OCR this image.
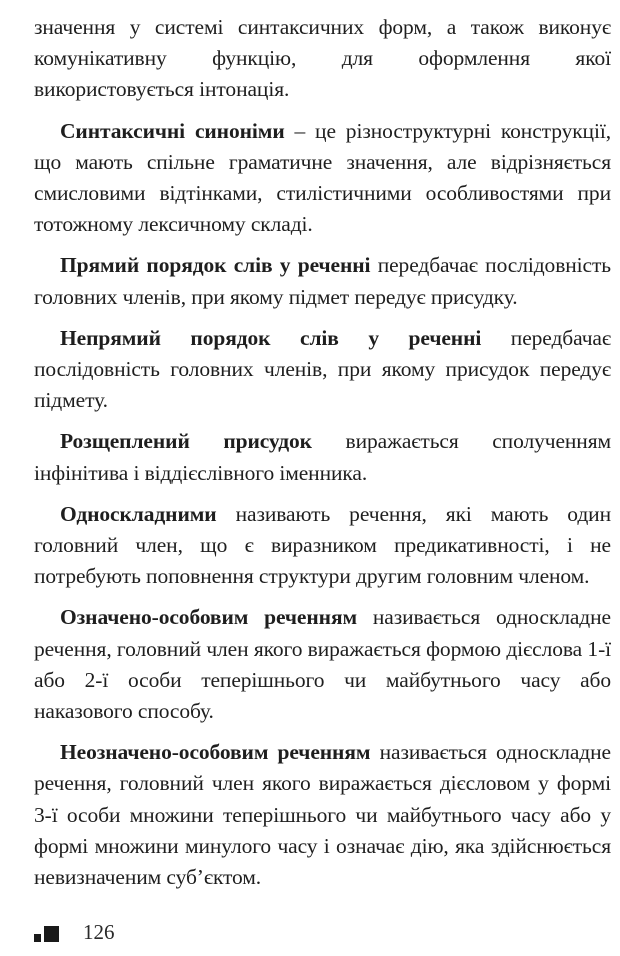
значення у системі синтаксичних форм, а також виконує комунікативну функцію, для оформлення якої використовується інтонація.

Синтаксичні синоніми – це різноструктурні конструкції, що мають спільне граматичне значення, але відрізняється смисловими відтінками, стилістичними особливостями при тотожному лексичному складі.

Прямий порядок слів у реченні передбачає послідовність головних членів, при якому підмет передує присудку.

Непрямий порядок слів у реченні передбачає послідовність головних членів, при якому присудок передує підмету.

Розщеплений присудок виражається сполученням інфінітива і віддієслівного іменника.

Односкладними називають речення, які мають один головний член, що є виразником предикативності, і не потребують поповнення структури другим головним членом.

Означено-особовим реченням називається односкладне речення, головний член якого виражається формою дієслова 1-ї або 2-ї особи теперішнього чи майбутнього часу або наказового способу.

Неозначено-особовим реченням називається односкладне речення, головний член якого виражається дієсловом у формі 3-ї особи множини теперішнього чи майбутнього часу або у формі множини минулого часу і означає дію, яка здійснюється невизначеним суб’єктом.

126
